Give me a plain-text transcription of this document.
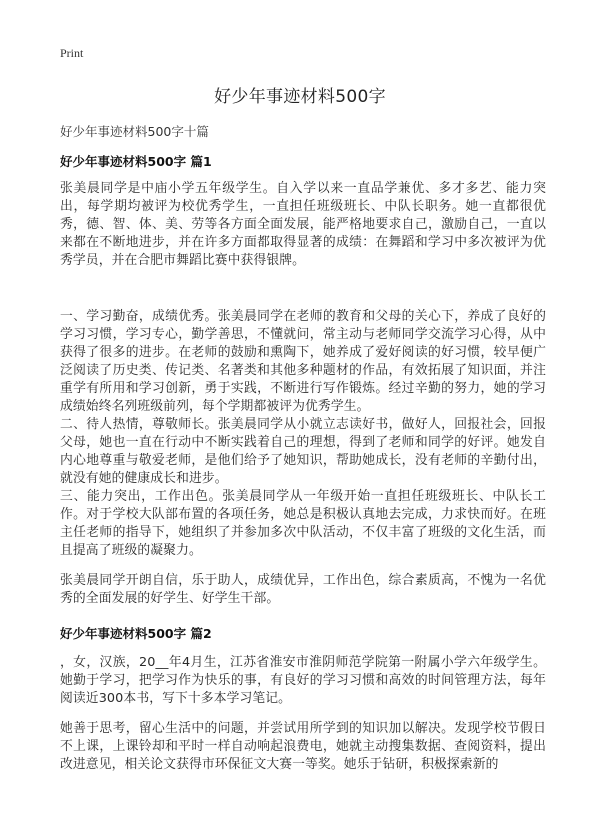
Print
好少年事迹材料500字
好少年事迹材料500字十篇
好少年事迹材料500字 篇1
张美晨同学是中庙小学五年级学生。自入学以来一直品学兼优、多才多艺、能力突出，每学期均被评为校优秀学生，一直担任班级班长、中队长职务。她一直都很优秀，德、智、体、美、劳等各方面全面发展，能严格地要求自己，激励自己，一直以来都在不断地进步，并在许多方面都取得显著的成绩：在舞蹈和学习中多次被评为优秀学员，并在合肥市舞蹈比赛中获得银牌。
一、学习勤奋，成绩优秀。张美晨同学在老师的教育和父母的关心下，养成了良好的学习习惯，学习专心，勤学善思，不懂就问，常主动与老师同学交流学习心得，从中获得了很多的进步。在老师的鼓励和熏陶下，她养成了爱好阅读的好习惯，较早便广泛阅读了历史类、传记类、名著类和其他多种题材的作品，有效拓展了知识面，并注重学有所用和学习创新，勇于实践，不断进行写作锻炼。经过辛勤的努力，她的学习成绩始终名列班级前列，每个学期都被评为优秀学生。
二、待人热情，尊敬师长。张美晨同学从小就立志读好书，做好人，回报社会，回报父母，她也一直在行动中不断实践着自己的理想，得到了老师和同学的好评。她发自内心地尊重与敬爱老师，是他们给予了她知识，帮助她成长，没有老师的辛勤付出，就没有她的健康成长和进步。
三、能力突出，工作出色。张美晨同学从一年级开始一直担任班级班长、中队长工作。对于学校大队部布置的各项任务，她总是积极认真地去完成，力求快而好。在班主任老师的指导下，她组织了并参加多次中队活动，不仅丰富了班级的文化生活，而且提高了班级的凝聚力。
张美晨同学开朗自信，乐于助人，成绩优异，工作出色，综合素质高，不愧为一名优秀的全面发展的好学生、好学生干部。
好少年事迹材料500字 篇2
，女，汉族，20__年4月生，江苏省淮安市淮阴师范学院第一附属小学六年级学生。她勤于学习，把学习作为快乐的事，有良好的学习习惯和高效的时间管理方法，每年阅读近300本书，写下十多本学习笔记。
她善于思考，留心生活中的问题，并尝试用所学到的知识加以解决。发现学校节假日不上课，上课铃却和平时一样自动响起浪费电，她就主动搜集数据、查阅资料，提出改进意见，相关论文获得市环保征文大赛一等奖。她乐于钻研，积极探索新的
